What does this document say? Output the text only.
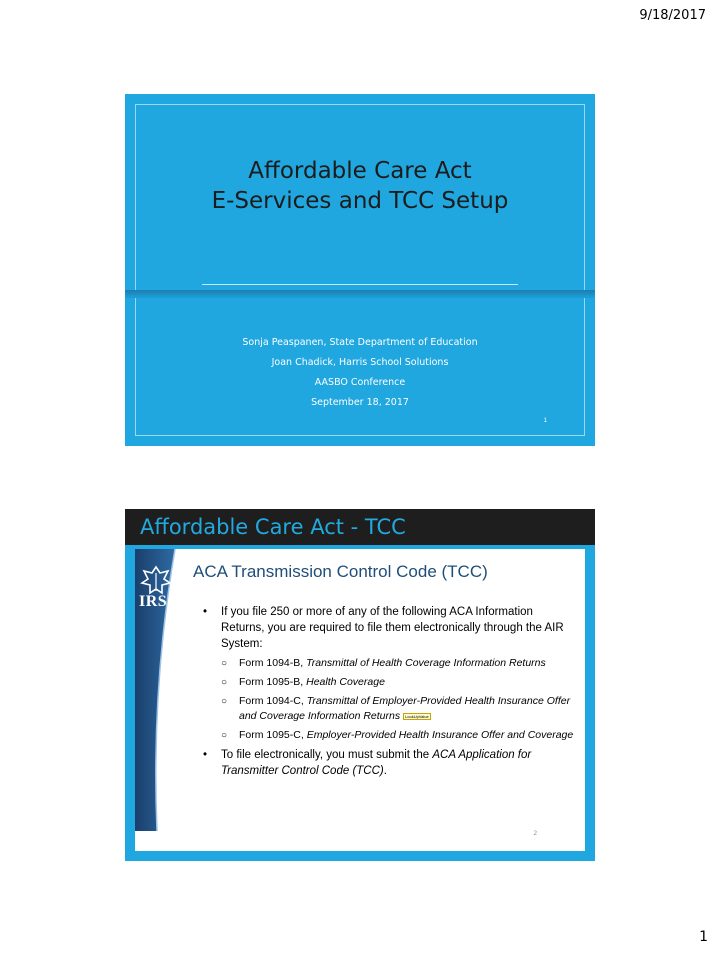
9/18/2017
Affordable Care Act
E-Services and TCC Setup
Sonja Peaspanen, State Department of Education
Joan Chadick, Harris School Solutions
AASBO Conference
September 18, 2017
1
Affordable Care Act - TCC
IRS
ACA Transmission Control Code (TCC)
• If you file 250 or more of any of the following ACA Information Returns, you are required to file them electronically through the AIR System:
○ Form 1094-B, Transmittal of Health Coverage Information Returns
○ Form 1095-B, Health Coverage
○ Form 1094-C, Transmittal of Employer-Provided Health Insurance Offer and Coverage Information Returns LookUpValue
○ Form 1095-C, Employer-Provided Health Insurance Offer and Coverage
• To file electronically, you must submit the ACA Application for Transmitter Control Code (TCC).
2
1
